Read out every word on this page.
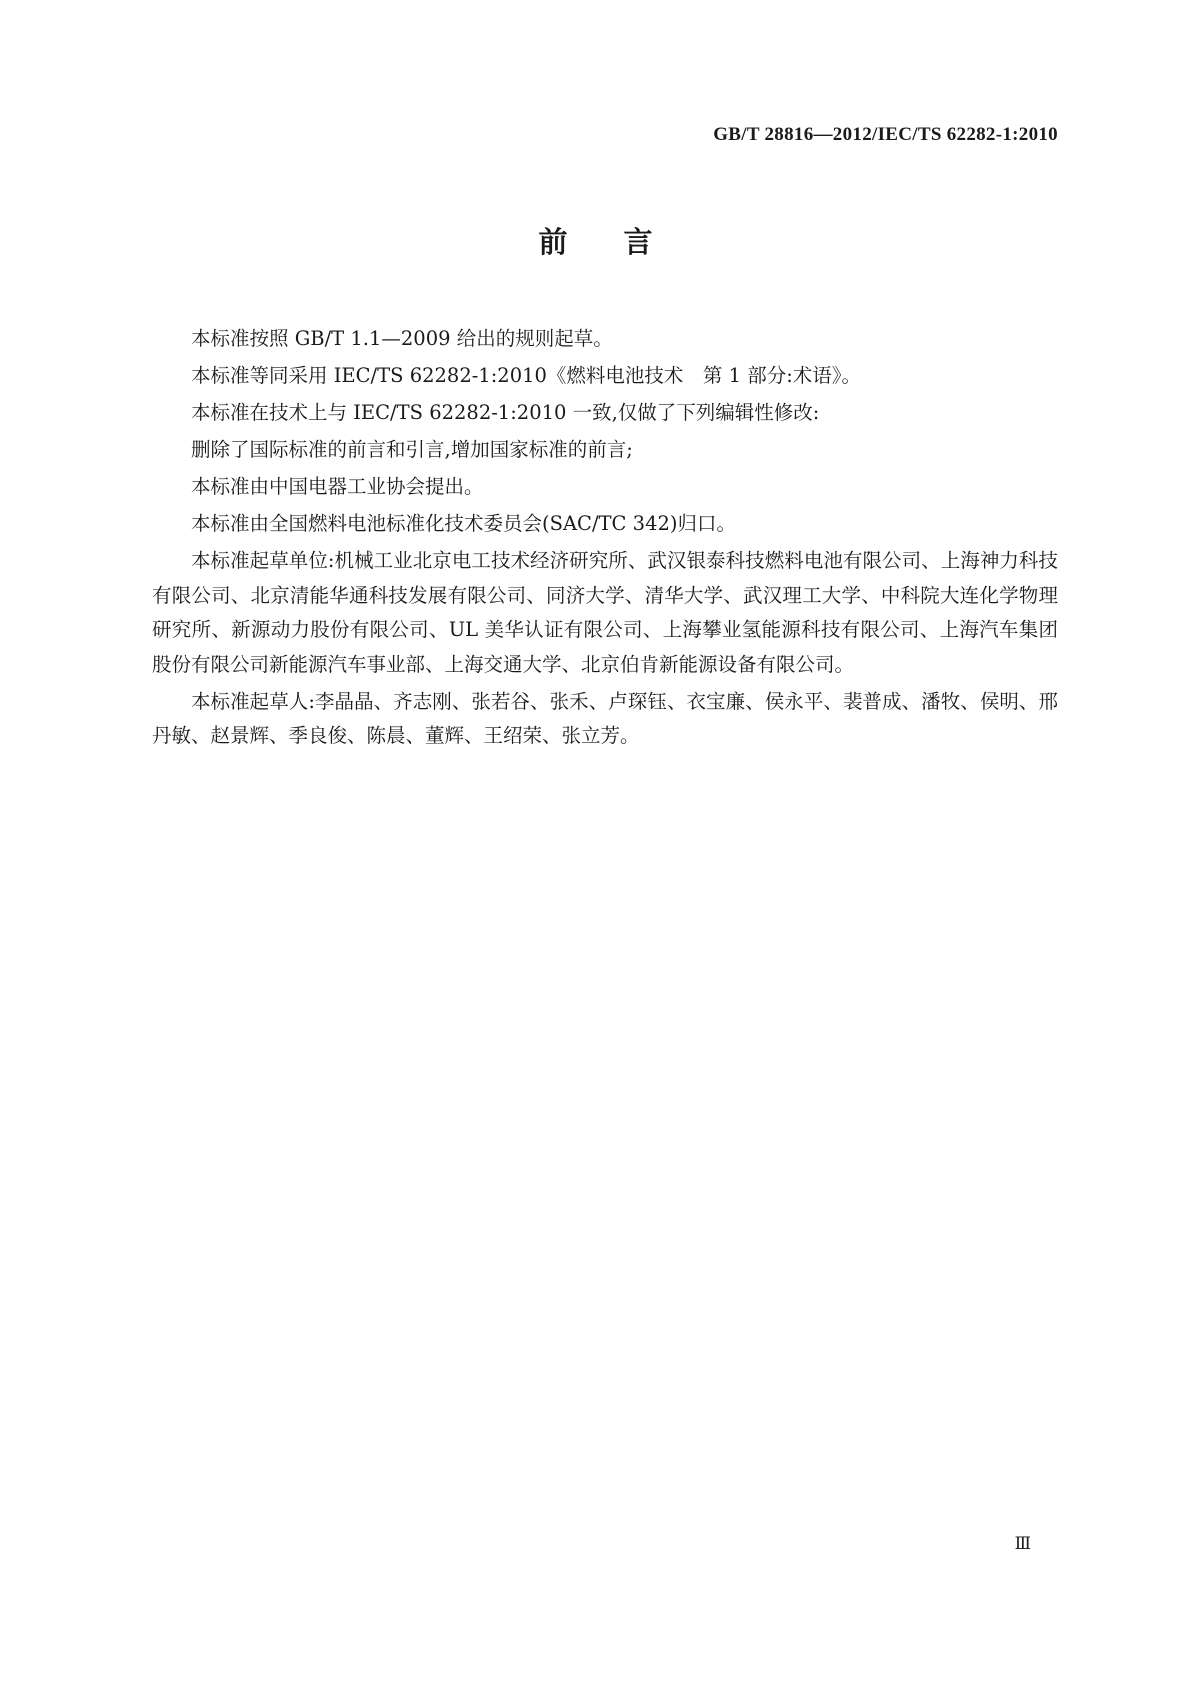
GB/T 28816—2012/IEC/TS 62282-1:2010
前言

本标准按照 GB/T 1.1—2009 给出的规则起草。

本标准等同采用 IEC/TS 62282-1:2010《燃料电池技术　第 1 部分:术语》。

本标准在技术上与 IEC/TS 62282-1:2010 一致,仅做了下列编辑性修改:

删除了国际标准的前言和引言,增加国家标准的前言;

本标准由中国电器工业协会提出。

本标准由全国燃料电池标准化技术委员会(SAC/TC 342)归口。

本标准起草单位:机械工业北京电工技术经济研究所、武汉银泰科技燃料电池有限公司、上海神力科技有限公司、北京清能华通科技发展有限公司、同济大学、清华大学、武汉理工大学、中科院大连化学物理研究所、新源动力股份有限公司、UL 美华认证有限公司、上海攀业氢能源科技有限公司、上海汽车集团股份有限公司新能源汽车事业部、上海交通大学、北京伯肯新能源设备有限公司。

本标准起草人:李晶晶、齐志刚、张若谷、张禾、卢琛钰、衣宝廉、侯永平、裴普成、潘牧、侯明、邢丹敏、赵景辉、季良俊、陈晨、董辉、王绍荣、张立芳。

Ⅲ
